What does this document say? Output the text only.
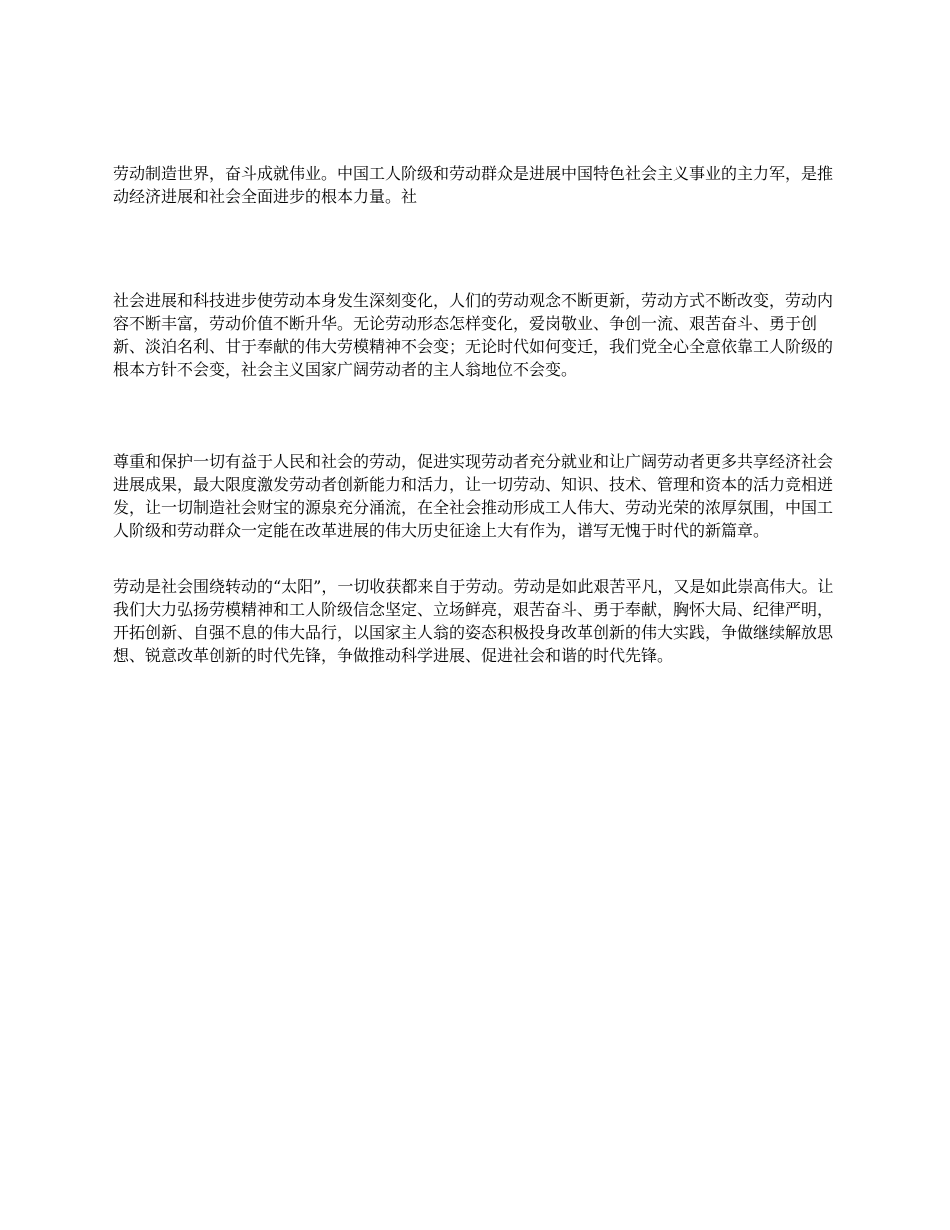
劳动制造世界，奋斗成就伟业。中国工人阶级和劳动群众是进展中国特色社会主义事业的主力军，是推动经济进展和社会全面进步的根本力量。社

社会进展和科技进步使劳动本身发生深刻变化，人们的劳动观念不断更新，劳动方式不断改变，劳动内容不断丰富，劳动价值不断升华。无论劳动形态怎样变化，爱岗敬业、争创一流、艰苦奋斗、勇于创新、淡泊名利、甘于奉献的伟大劳模精神不会变；无论时代如何变迁，我们党全心全意依靠工人阶级的根本方针不会变，社会主义国家广阔劳动者的主人翁地位不会变。

尊重和保护一切有益于人民和社会的劳动，促进实现劳动者充分就业和让广阔劳动者更多共享经济社会进展成果，最大限度激发劳动者创新能力和活力，让一切劳动、知识、技术、管理和资本的活力竞相迸发，让一切制造社会财宝的源泉充分涌流，在全社会推动形成工人伟大、劳动光荣的浓厚氛围，中国工人阶级和劳动群众一定能在改革进展的伟大历史征途上大有作为，谱写无愧于时代的新篇章。

劳动是社会围绕转动的“太阳”，一切收获都来自于劳动。劳动是如此艰苦平凡，又是如此崇高伟大。让我们大力弘扬劳模精神和工人阶级信念坚定、立场鲜亮，艰苦奋斗、勇于奉献，胸怀大局、纪律严明，开拓创新、自强不息的伟大品行，以国家主人翁的姿态积极投身改革创新的伟大实践，争做继续解放思想、锐意改革创新的时代先锋，争做推动科学进展、促进社会和谐的时代先锋。
